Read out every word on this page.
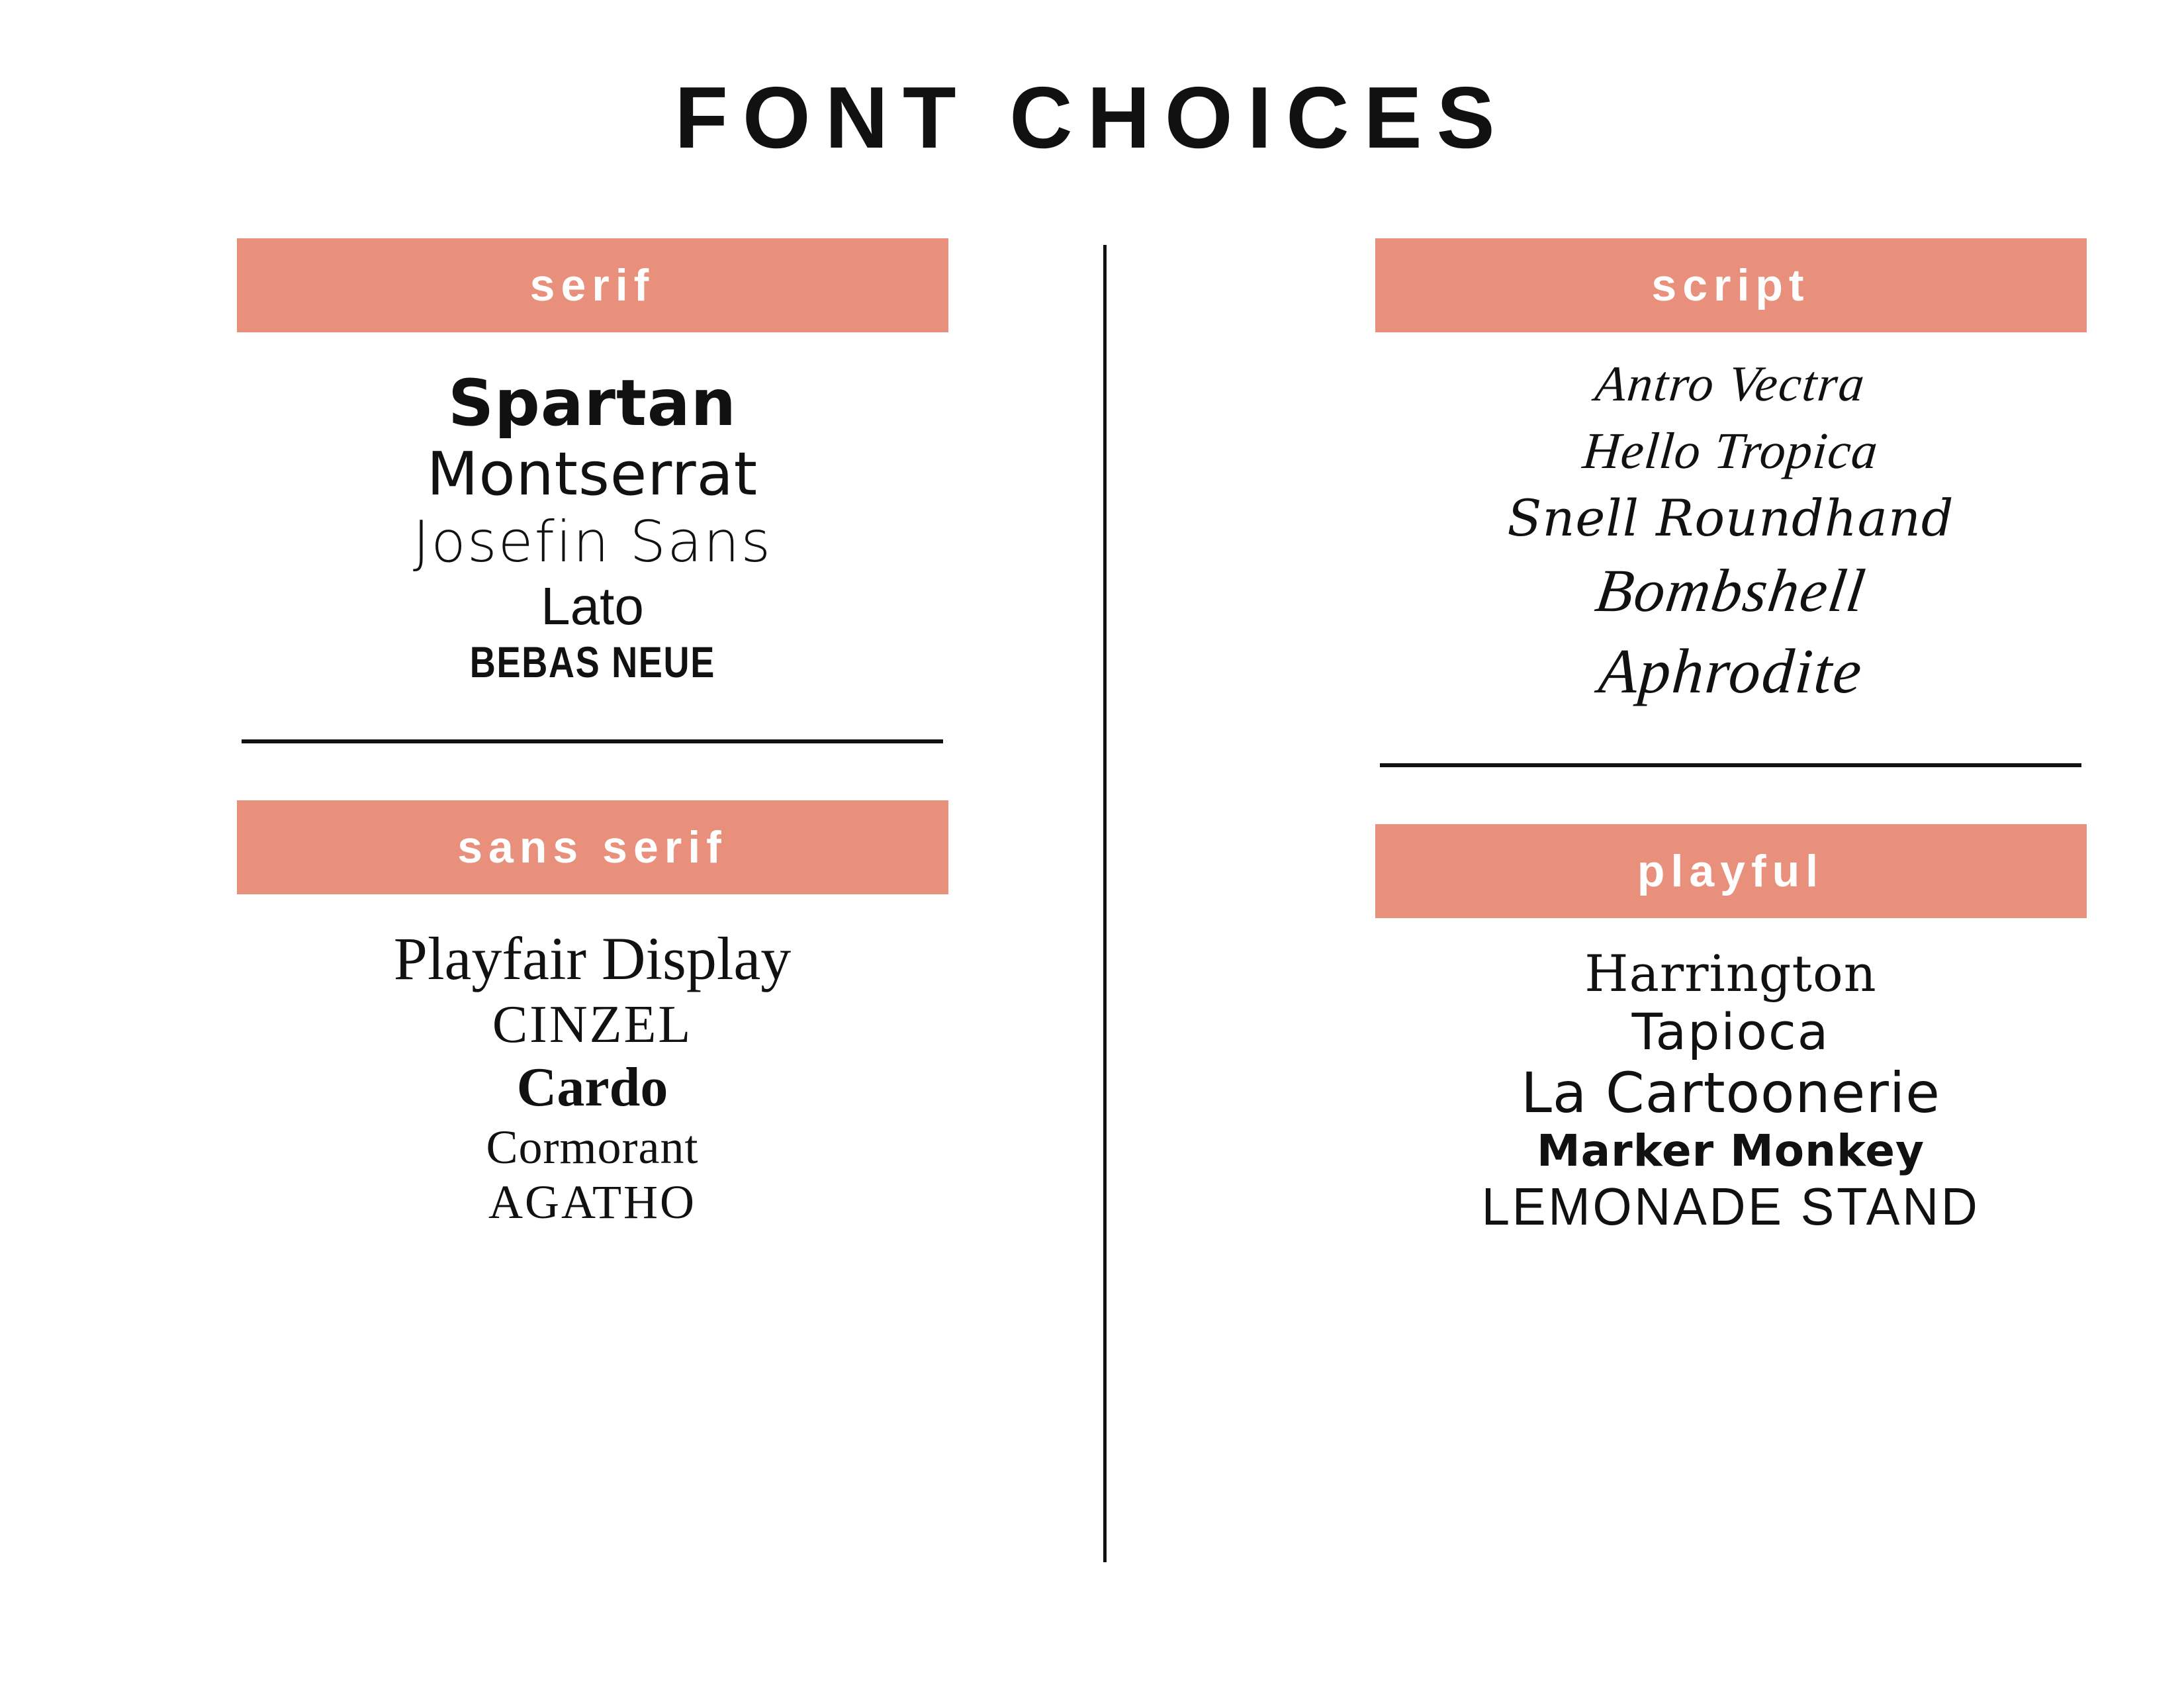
FONT CHOICES
serif
Spartan
Montserrat
Josefin Sans
Lato
BEBAS NEUE
sans serif
Playfair Display
CINZEL
Cardo
Cormorant
AGATHO
script
Antro Vectra
Hello Tropica
Snell Roundhand
Bombshell
Aphrodite
playful
Harrington
Tapioca
La Cartoonerie
Marker Monkey
LEMONADE STAND
